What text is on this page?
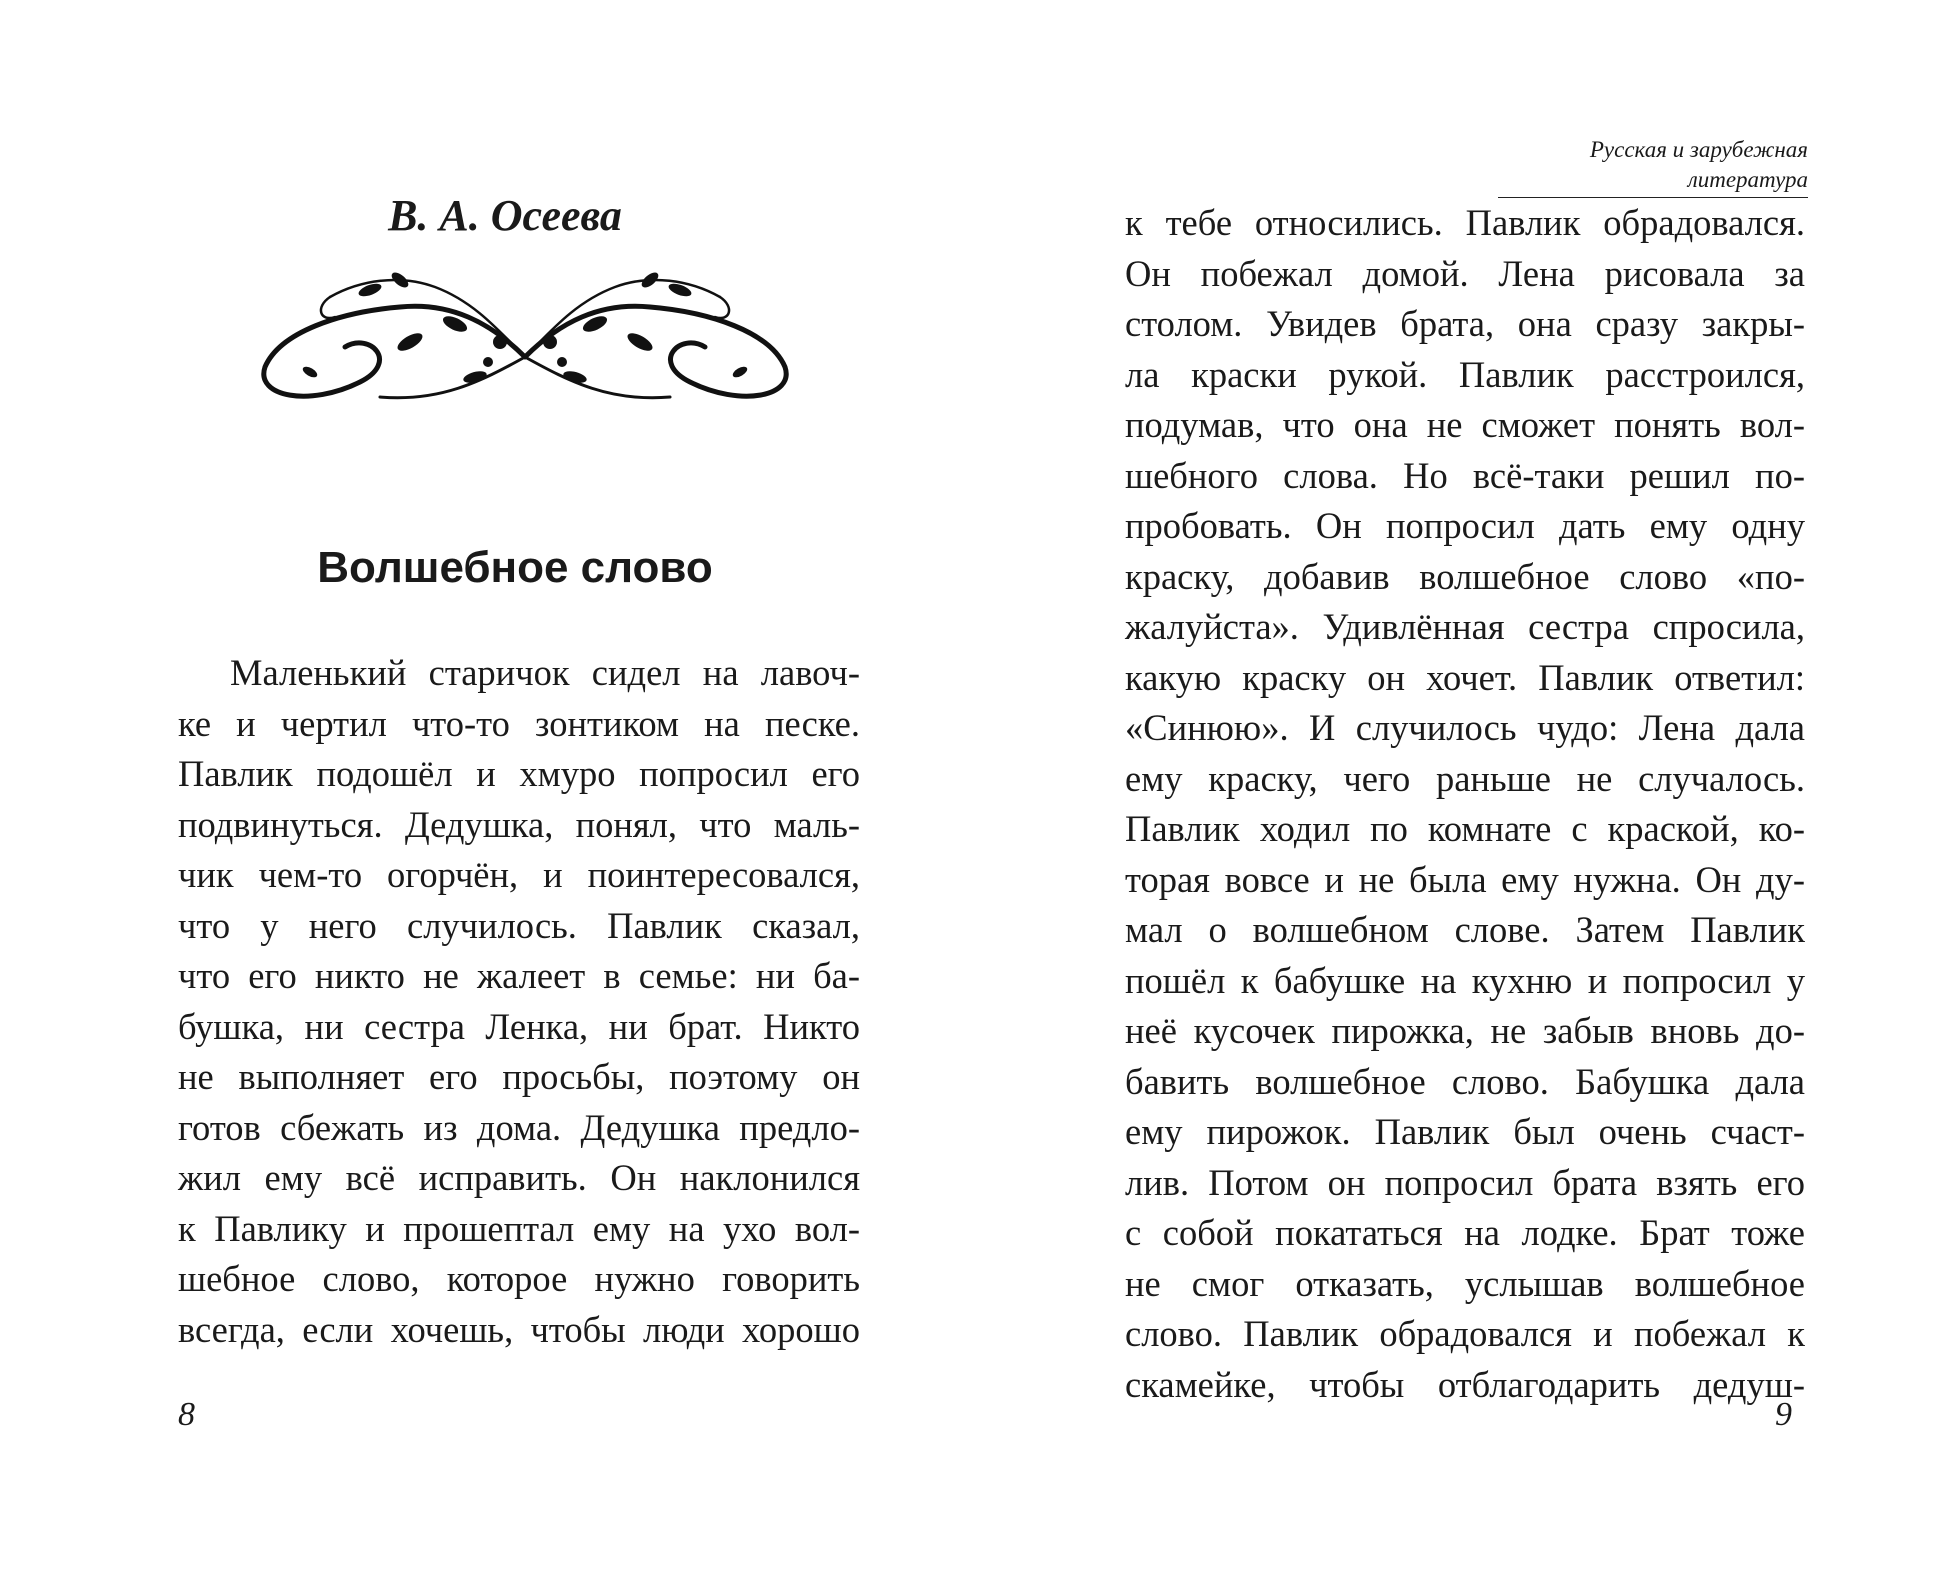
В. А. Осеева
Волшебное слово
Маленький старичок сидел на лавоч-
ке и чертил что-то зонтиком на песке.
Павлик подошёл и хмуро попросил его
подвинуться. Дедушка, понял, что маль-
чик чем-то огорчён, и поинтересовался,
что у него случилось. Павлик сказал,
что его никто не жалеет в семье: ни ба-
бушка, ни сестра Ленка, ни брат. Никто
не выполняет его просьбы, поэтому он
готов сбежать из дома. Дедушка предло-
жил ему всё исправить. Он наклонился
к Павлику и прошептал ему на ухо вол-
шебное слово, которое нужно говорить
всегда, если хочешь, чтобы люди хорошо
8
Русская и зарубежная литература
к тебе относились. Павлик обрадовался.
Он побежал домой. Лена рисовала за
столом. Увидев брата, она сразу закры-
ла краски рукой. Павлик расстроился,
подумав, что она не сможет понять вол-
шебного слова. Но всё-таки решил по-
пробовать. Он попросил дать ему одну
краску, добавив волшебное слово «по-
жалуйста». Удивлённая сестра спросила,
какую краску он хочет. Павлик ответил:
«Синюю». И случилось чудо: Лена дала
ему краску, чего раньше не случалось.
Павлик ходил по комнате с краской, ко-
торая вовсе и не была ему нужна. Он ду-
мал о волшебном слове. Затем Павлик
пошёл к бабушке на кухню и попросил у
неё кусочек пирожка, не забыв вновь до-
бавить волшебное слово. Бабушка дала
ему пирожок. Павлик был очень счаст-
лив. Потом он попросил брата взять его
с собой покататься на лодке. Брат тоже
не смог отказать, услышав волшебное
слово. Павлик обрадовался и побежал к
скамейке, чтобы отблагодарить дедуш-
9
